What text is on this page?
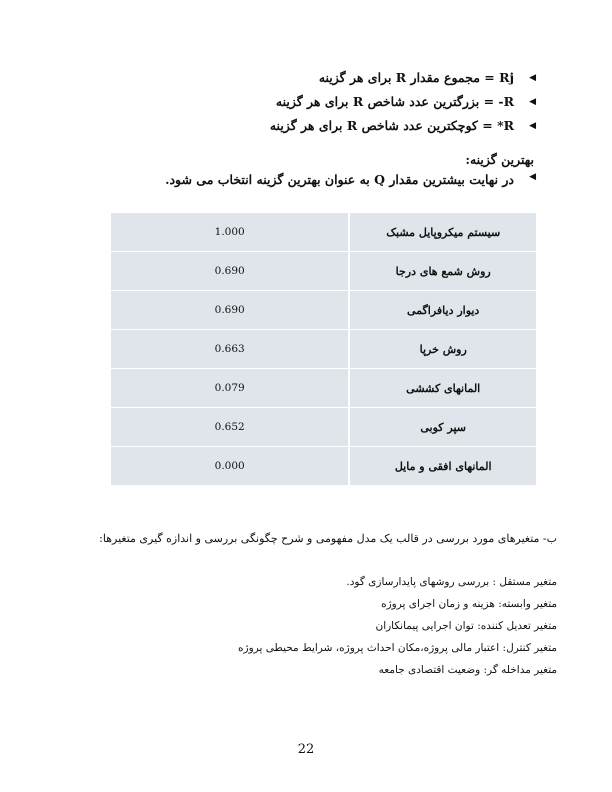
◀
Rj = مجموع مقدار R برای هر گزینه
◀
R- = بزرگترین عدد شاخص R برای هر گزینه
◀
R* = کوچکترین عدد شاخص R برای هر گزینه
بهترین گزینه:
◀
در نهایت بیشترین مقدار Q به عنوان بهترین گزینه انتخاب می شود.
1.000	سیستم میکروپایل مشبک
0.690	روش شمع های درجا
0.690	دیوار دیافراگمی
0.663	روش خرپا
0.079	المانهای کششی
0.652	سپر کوبی
0.000	المانهای افقی و مایل
ب- متغیرهای مورد بررسی در قالب یک مدل مفهومی و شرح چگونگی بررسی و اندازه گیری متغیرها:
متغیر مستقل : بررسی روشهای پایدارسازی گود.
متغیر وابسته: هزینه و زمان اجرای پروژه
متغیر تعدیل کننده: توان اجرایی پیمانکاران
متغیر کنترل: اعتبار مالی پروژه،مکان احداث پروژه، شرایط محیطی پروژه
متغیر مداخله گر: وضعیت اقتصادی جامعه
22
